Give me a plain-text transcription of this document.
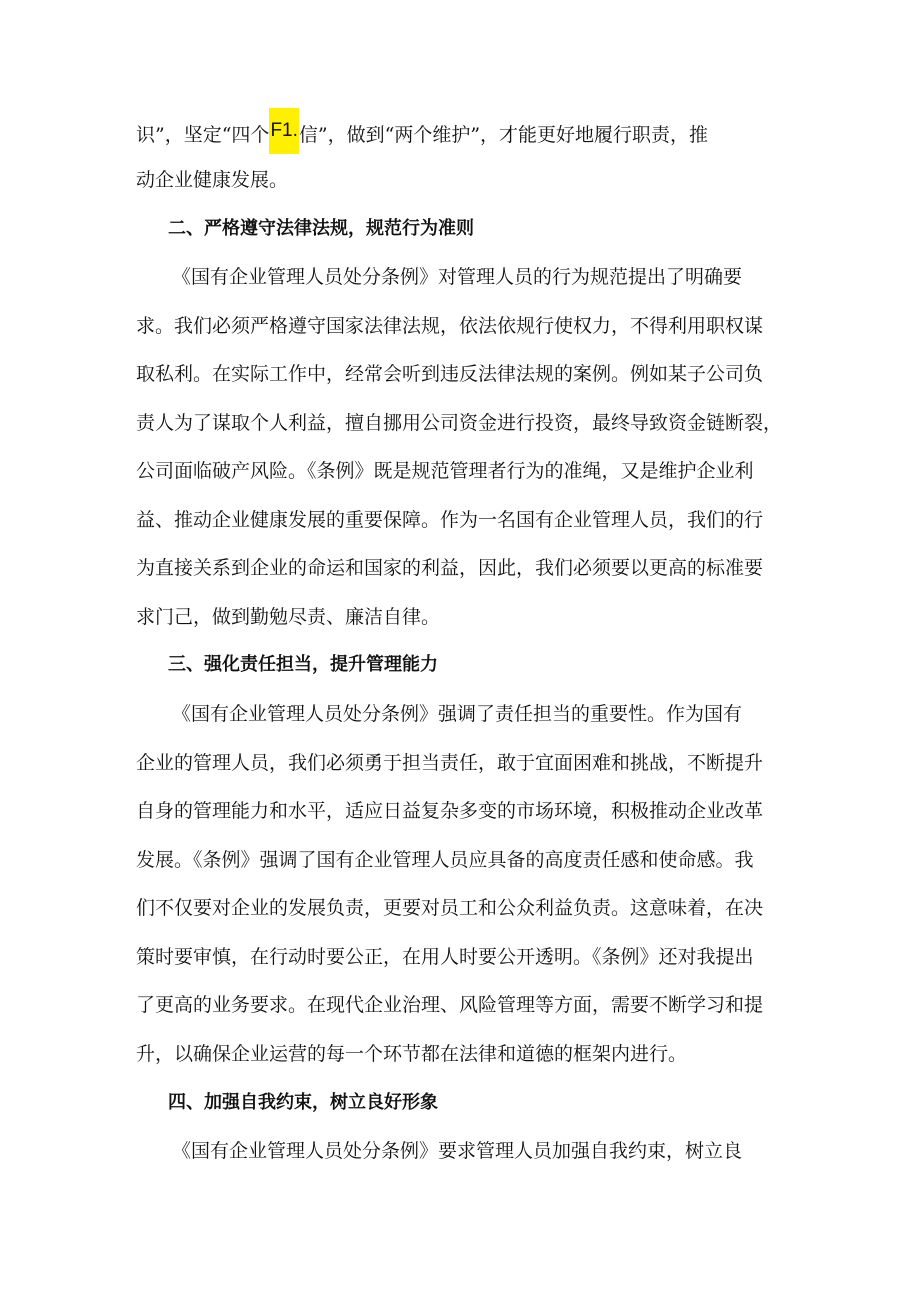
识”，坚定“四个F1.信”，做到“两个维护”，才能更好地履行职责，推
动企业健康发展。
二、严格遵守法律法规，规范行为准则
《国有企业管理人员处分条例》对管理人员的行为规范提出了明确要
求。我们必须严格遵守国家法律法规，依法依规行使权力，不得利用职权谋
取私利。在实际工作中，经常会听到违反法律法规的案例。例如某子公司负
责人为了谋取个人利益，擅自挪用公司资金进行投资，最终导致资金链断裂，
公司面临破产风险。《条例》既是规范管理者行为的准绳，又是维护企业利
益、推动企业健康发展的重要保障。作为一名国有企业管理人员，我们的行
为直接关系到企业的命运和国家的利益，因此，我们必须要以更高的标准要
求门己，做到勤勉尽责、廉洁自律。
三、强化责任担当，提升管理能力
《国有企业管理人员处分条例》强调了责任担当的重要性。作为国有
企业的管理人员，我们必须勇于担当责任，敢于宜面困难和挑战，不断提升
自身的管理能力和水平，适应日益复杂多变的市场环境，积极推动企业改革
发展。《条例》强调了国有企业管理人员应具备的高度责任感和使命感。我
们不仅要对企业的发展负责，更要对员工和公众利益负责。这意味着，在决
策时要审慎，在行动时要公正，在用人时要公开透明。《条例》还对我提出
了更高的业务要求。在现代企业治理、风险管理等方面，需要不断学习和提
升，以确保企业运营的每一个环节都在法律和道德的框架内进行。
四、加强自我约束，树立良好形象
《国有企业管理人员处分条例》要求管理人员加强自我约束，树立良
